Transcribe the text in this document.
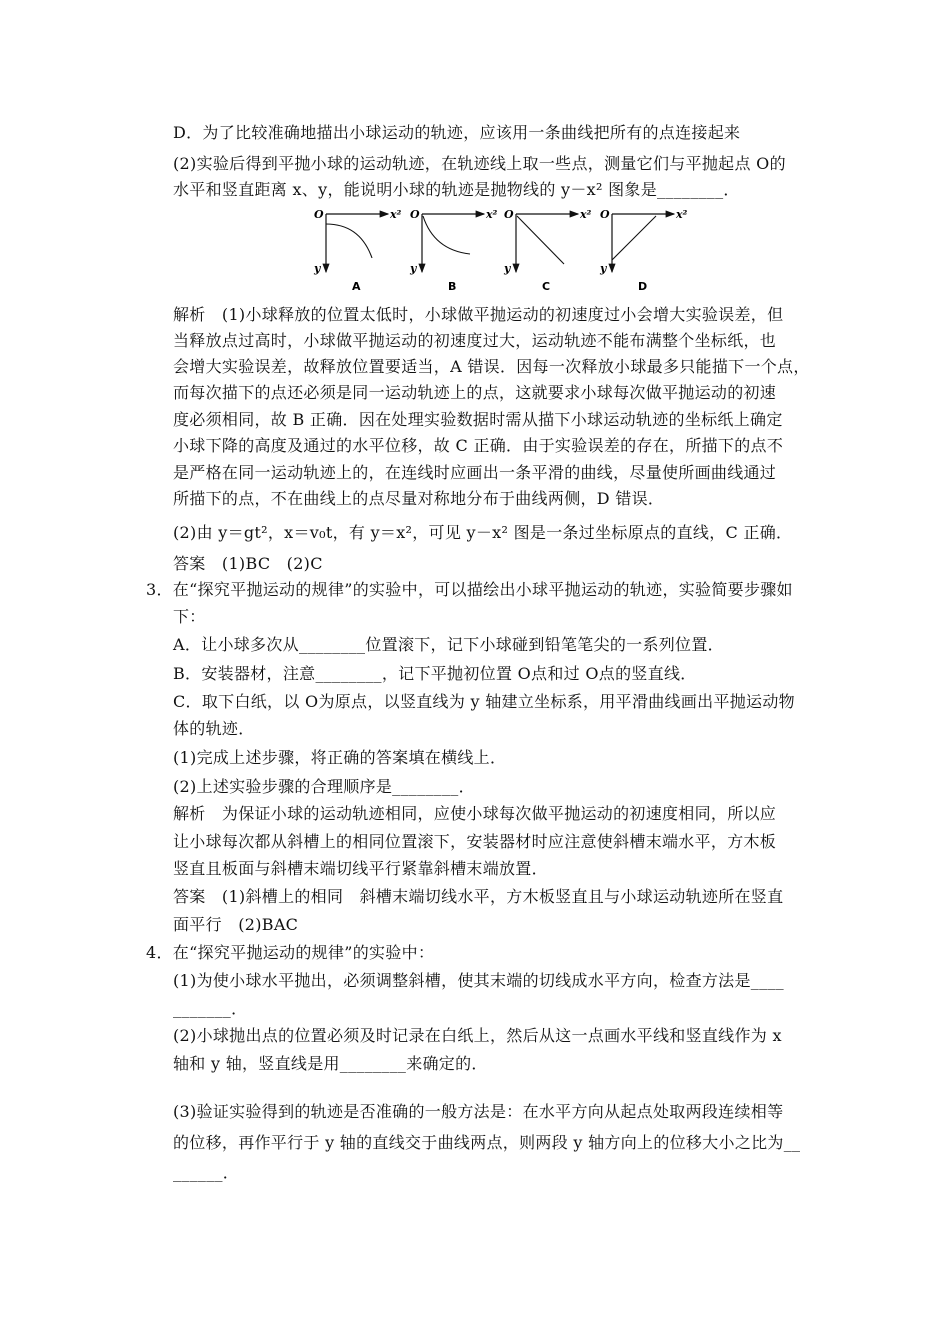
D．为了比较准确地描出小球运动的轨迹，应该用一条曲线把所有的点连接起来
(2)实验后得到平抛小球的运动轨迹，在轨迹线上取一些点，测量它们与平抛起点 O的
水平和竖直距离 x、y，能说明小球的轨迹是抛物线的 y－x² 图象是________．
O	x²
y
A
O	x²
y
B
O	x²
y
C
O	x²
y
D
解析　(1)小球释放的位置太低时，小球做平抛运动的初速度过小会增大实验误差，但
当释放点过高时，小球做平抛运动的初速度过大，运动轨迹不能布满整个坐标纸，也
会增大实验误差，故释放位置要适当，A 错误．因每一次释放小球最多只能描下一个点，
而每次描下的点还必须是同一运动轨迹上的点，这就要求小球每次做平抛运动的初速
度必须相同，故 B 正确．因在处理实验数据时需从描下小球运动轨迹的坐标纸上确定
小球下降的高度及通过的水平位移，故 C 正确．由于实验误差的存在，所描下的点不
是严格在同一运动轨迹上的，在连线时应画出一条平滑的曲线，尽量使所画曲线通过
所描下的点，不在曲线上的点尽量对称地分布于曲线两侧，D 错误．
(2)由 y＝gt²，x＝v₀t，有 y＝x²，可见 y－x² 图是一条过坐标原点的直线，C 正确．
答案　(1)BC　(2)C
3．在“探究平抛运动的规律”的实验中，可以描绘出小球平抛运动的轨迹，实验简要步骤如
下：
A．让小球多次从________位置滚下，记下小球碰到铅笔笔尖的一系列位置．
B．安装器材，注意________，记下平抛初位置 O点和过 O点的竖直线．
C．取下白纸，以 O为原点，以竖直线为 y 轴建立坐标系，用平滑曲线画出平抛运动物
体的轨迹．
(1)完成上述步骤，将正确的答案填在横线上．
(2)上述实验步骤的合理顺序是________．
解析　为保证小球的运动轨迹相同，应使小球每次做平抛运动的初速度相同，所以应
让小球每次都从斜槽上的相同位置滚下，安装器材时应注意使斜槽末端水平，方木板
竖直且板面与斜槽末端切线平行紧靠斜槽末端放置．
答案　(1)斜槽上的相同　斜槽末端切线水平，方木板竖直且与小球运动轨迹所在竖直
面平行　(2)BAC
4．在“探究平抛运动的规律”的实验中：
(1)为使小球水平抛出，必须调整斜槽，使其末端的切线成水平方向，检查方法是____
_______．
(2)小球抛出点的位置必须及时记录在白纸上，然后从这一点画水平线和竖直线作为 x
轴和 y 轴，竖直线是用________来确定的．
(3)验证实验得到的轨迹是否准确的一般方法是：在水平方向从起点处取两段连续相等
的位移，再作平行于 y 轴的直线交于曲线两点，则两段 y 轴方向上的位移大小之比为__
______．
